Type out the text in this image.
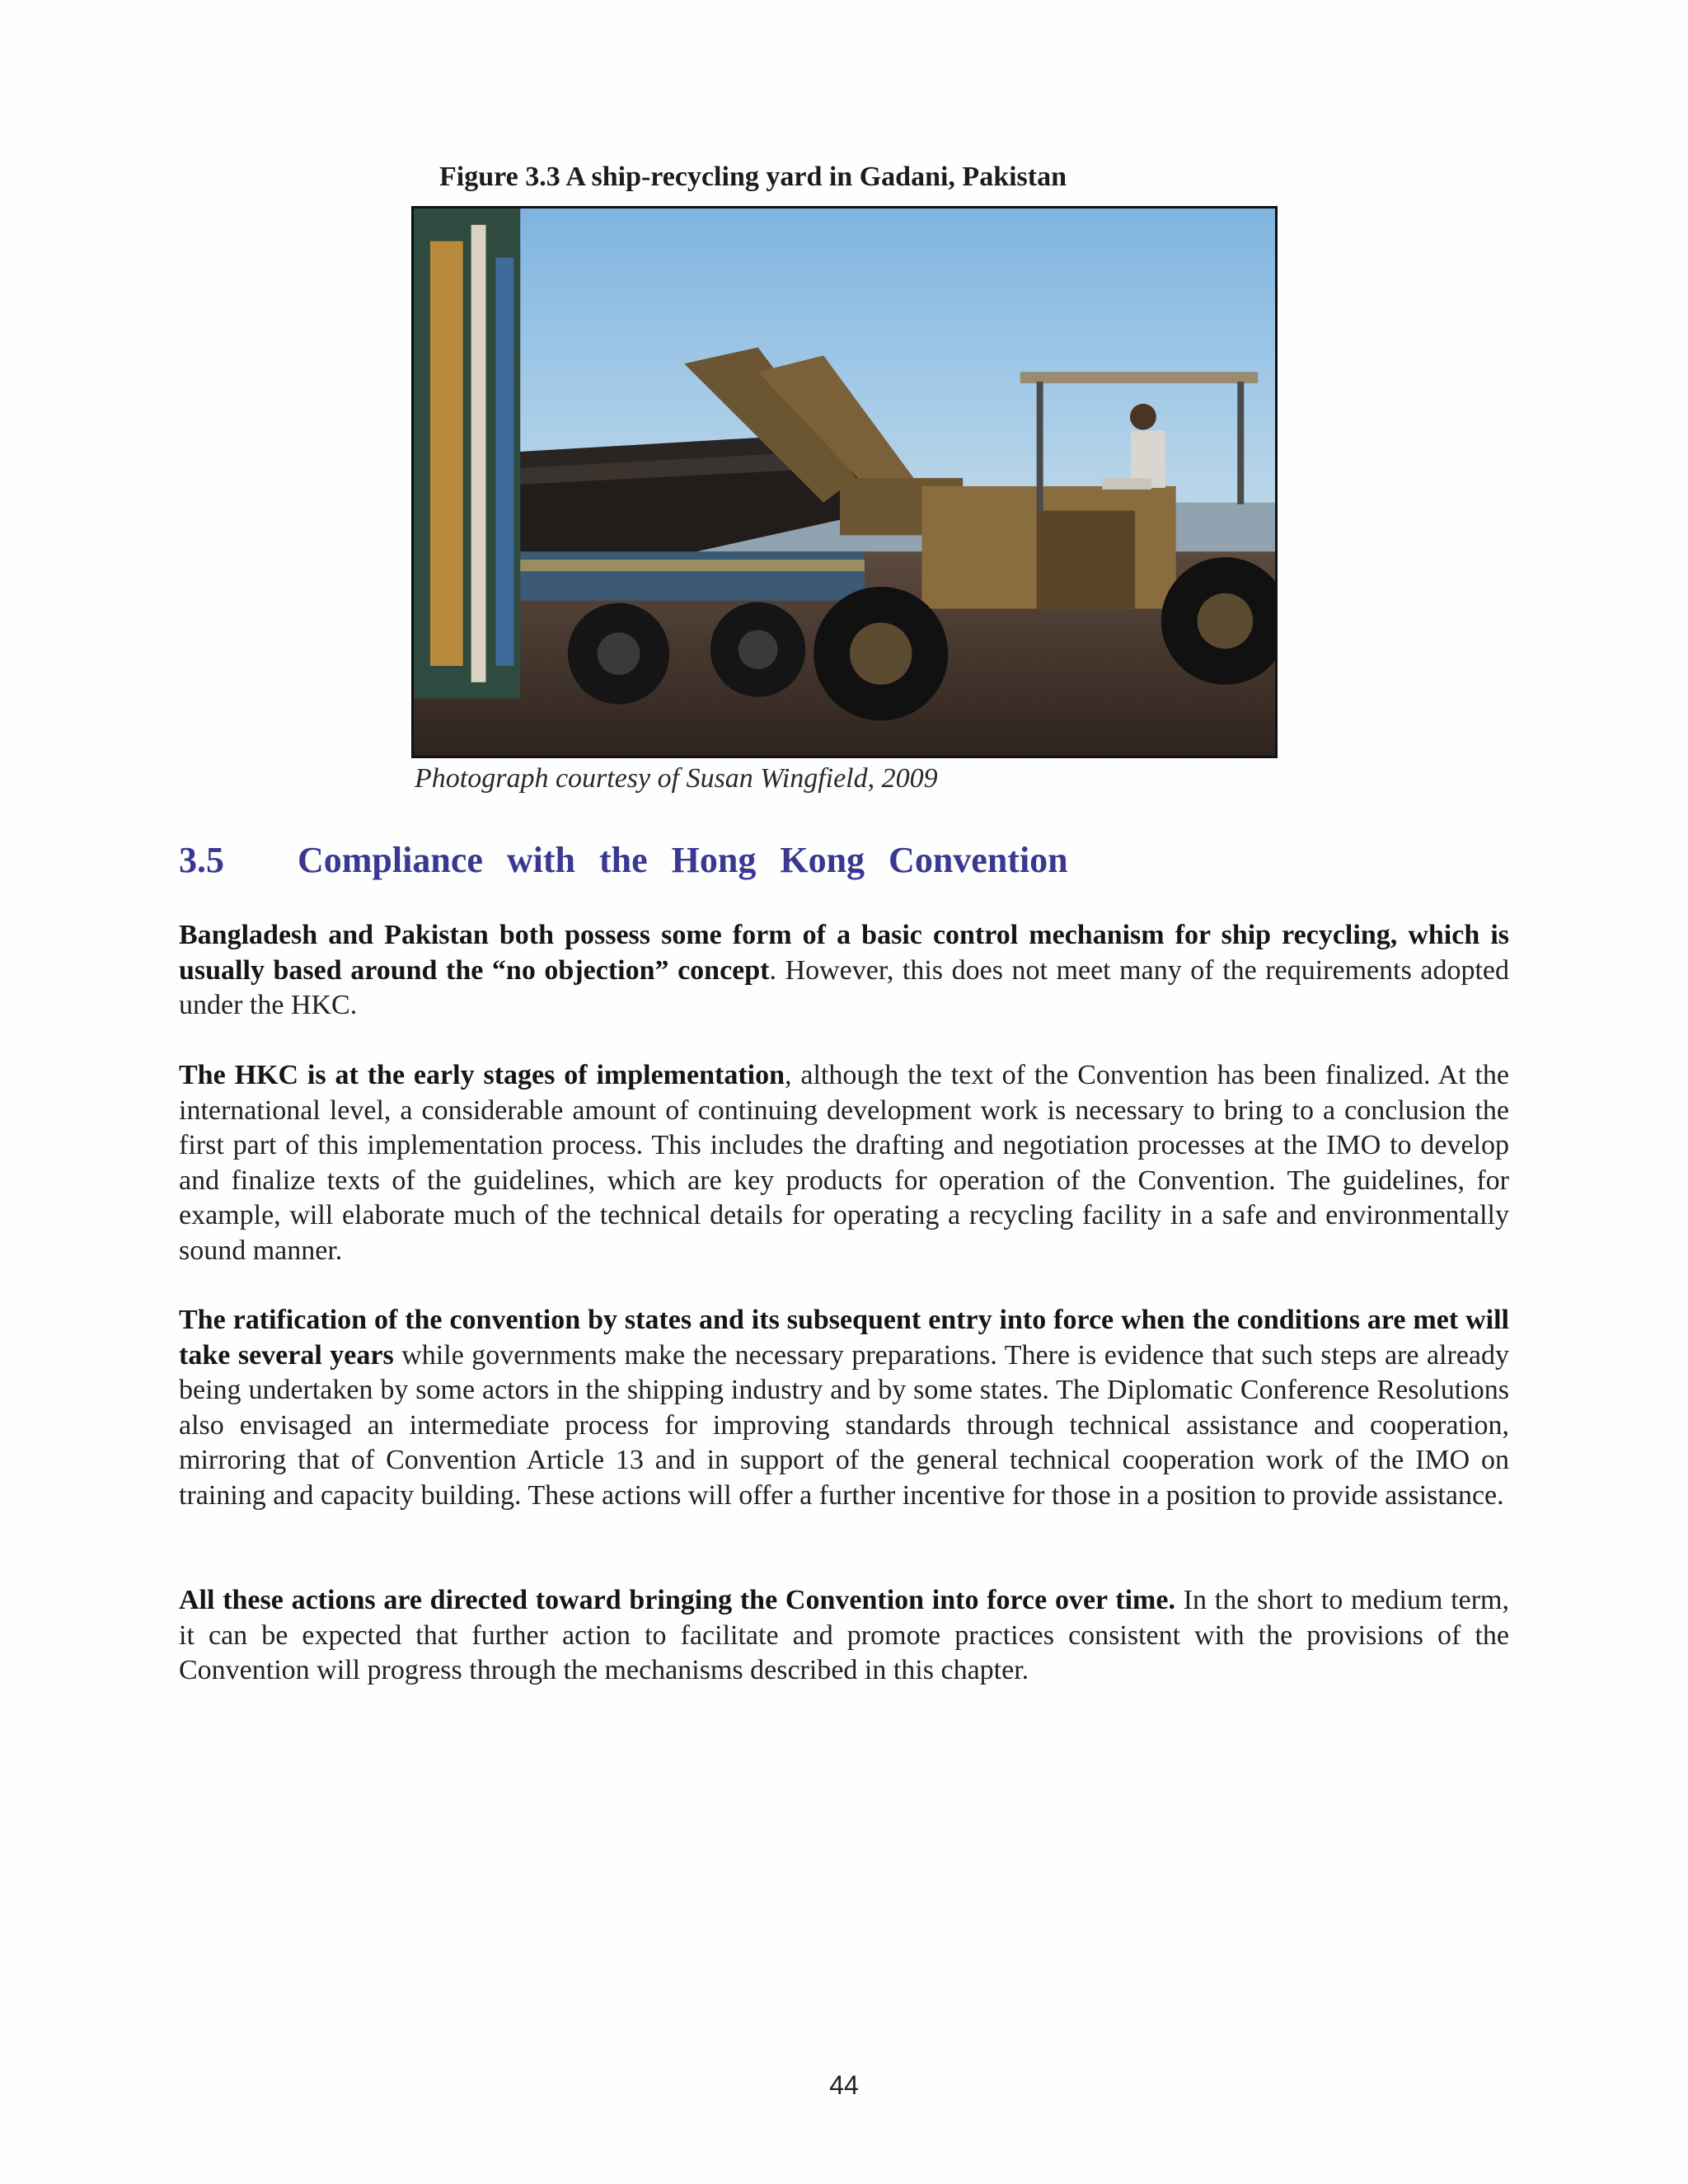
Figure 3.3 A ship-recycling yard in Gadani, Pakistan
Photograph courtesy of Susan Wingfield, 2009
3.5 Compliance with the Hong Kong Convention
Bangladesh and Pakistan both possess some form of a basic control mechanism for ship recycling, which is usually based around the “no objection” concept. However, this does not meet many of the requirements adopted under the HKC.
The HKC is at the early stages of implementation, although the text of the Convention has been finalized. At the international level, a considerable amount of continuing development work is necessary to bring to a conclusion the first part of this implementation process. This includes the drafting and negotiation processes at the IMO to develop and finalize texts of the guidelines, which are key products for operation of the Convention. The guidelines, for example, will elaborate much of the technical details for operating a recycling facility in a safe and environmentally sound manner.
The ratification of the convention by states and its subsequent entry into force when the conditions are met will take several years while governments make the necessary preparations. There is evidence that such steps are already being undertaken by some actors in the shipping industry and by some states. The Diplomatic Conference Resolutions also envisaged an intermediate process for improving standards through technical assistance and cooperation, mirroring that of Convention Article 13 and in support of the general technical cooperation work of the IMO on training and capacity building. These actions will offer a further incentive for those in a position to provide assistance.
All these actions are directed toward bringing the Convention into force over time. In the short to medium term, it can be expected that further action to facilitate and promote practices consistent with the provisions of the Convention will progress through the mechanisms described in this chapter.
44
